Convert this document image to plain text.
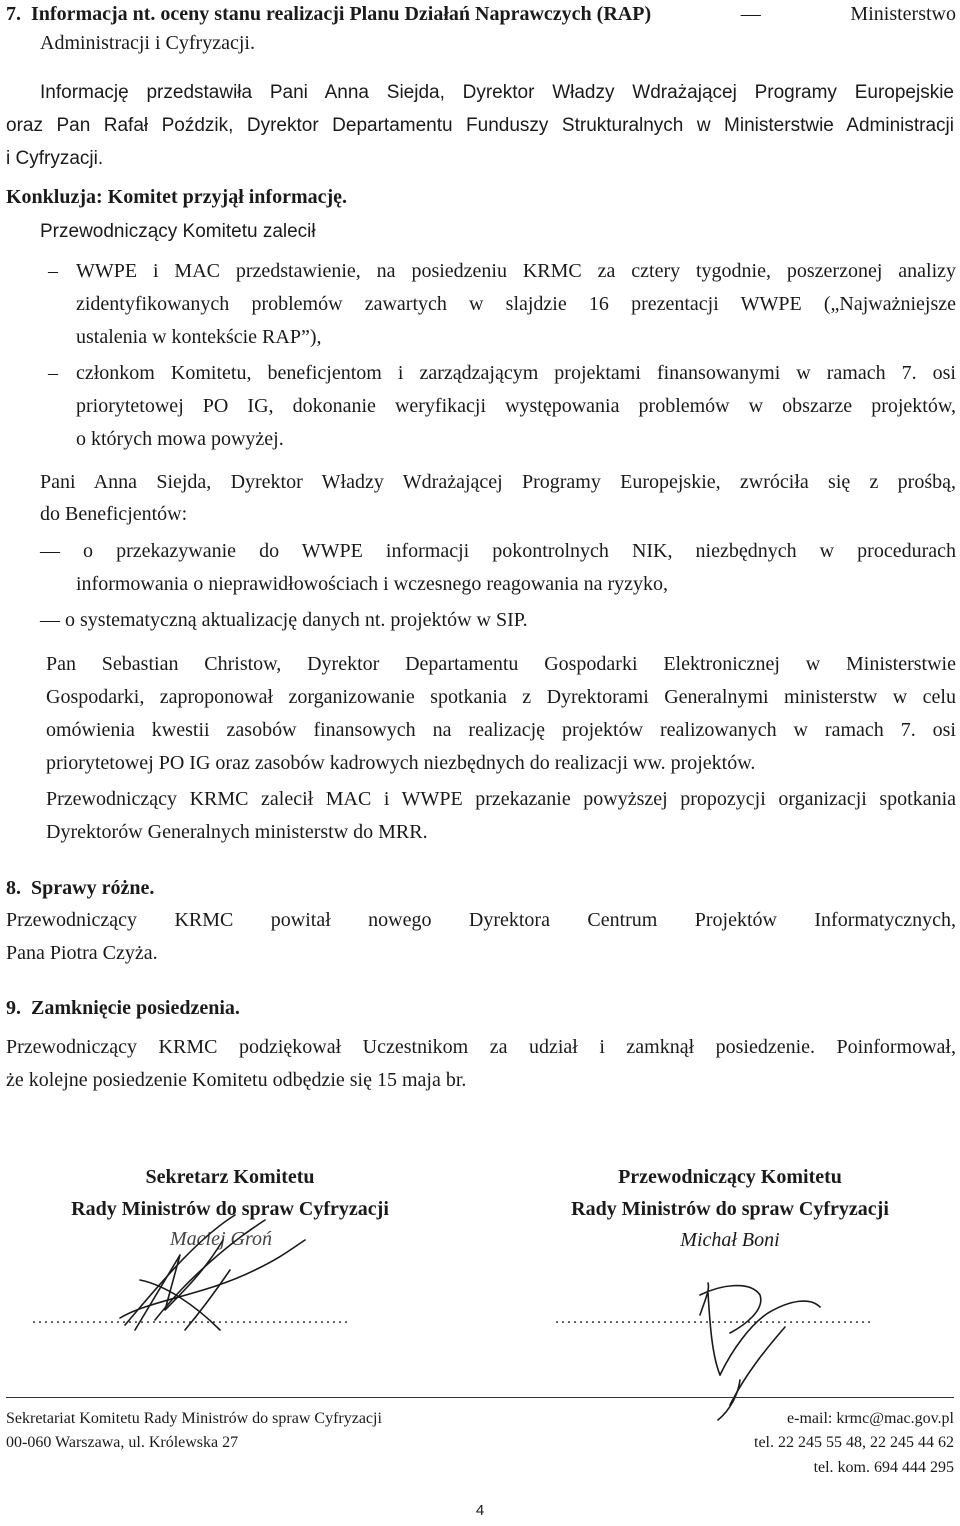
7. Informacja nt. oceny stanu realizacji Planu Działań Naprawczych (RAP)	—	Ministerstwo
Administracji i Cyfryzacji.
Informację przedstawiła Pani Anna Siejda, Dyrektor Władzy Wdrażającej Programy Europejskie
oraz Pan Rafał Poździk, Dyrektor Departamentu Funduszy Strukturalnych w Ministerstwie Administracji
i Cyfryzacji.
Konkluzja: Komitet przyjął informację.
Przewodniczący Komitetu zalecił
– WWPE i MAC przedstawienie, na posiedzeniu KRMC za cztery tygodnie, poszerzonej analizy
zidentyfikowanych problemów zawartych w slajdzie 16 prezentacji WWPE („Najważniejsze
ustalenia w kontekście RAP”),
– członkom Komitetu, beneficjentom i zarządzającym projektami finansowanymi w ramach 7. osi
priorytetowej PO IG, dokonanie weryfikacji występowania problemów w obszarze projektów,
o których mowa powyżej.
Pani Anna Siejda, Dyrektor Władzy Wdrażającej Programy Europejskie, zwróciła się z prośbą,
do Beneficjentów:
— o przekazywanie do WWPE informacji pokontrolnych NIK, niezbędnych w procedurach
informowania o nieprawidłowościach i wczesnego reagowania na ryzyko,
— o systematyczną aktualizację danych nt. projektów w SIP.
Pan Sebastian Christow, Dyrektor Departamentu Gospodarki Elektronicznej w Ministerstwie
Gospodarki, zaproponował zorganizowanie spotkania z Dyrektorami Generalnymi ministerstw w celu
omówienia kwestii zasobów finansowych na realizację projektów realizowanych w ramach 7. osi
priorytetowej PO IG oraz zasobów kadrowych niezbędnych do realizacji ww. projektów.
Przewodniczący KRMC zalecił MAC i WWPE przekazanie powyższej propozycji organizacji spotkania
Dyrektorów Generalnych ministerstw do MRR.
8.  Sprawy różne.
Przewodniczący KRMC powitał nowego Dyrektora Centrum Projektów Informatycznych,
Pana Piotra Czyża.
9.  Zamknięcie posiedzenia.
Przewodniczący KRMC podziękował Uczestnikom za udział i zamknął posiedzenie. Poinformował,
że kolejne posiedzenie Komitetu odbędzie się 15 maja br.
Sekretarz Komitetu
Rady Ministrów do spraw Cyfryzacji
Maciej Groń
.....................................................
Przewodniczący Komitetu
Rady Ministrów do spraw Cyfryzacji
Michał Boni
.....................................................
Sekretariat Komitetu Rady Ministrów do spraw Cyfryzacji
00-060 Warszawa, ul. Królewska 27
e-mail: krmc@mac.gov.pl
tel. 22 245 55 48, 22 245 44 62
tel. kom. 694 444 295
4
